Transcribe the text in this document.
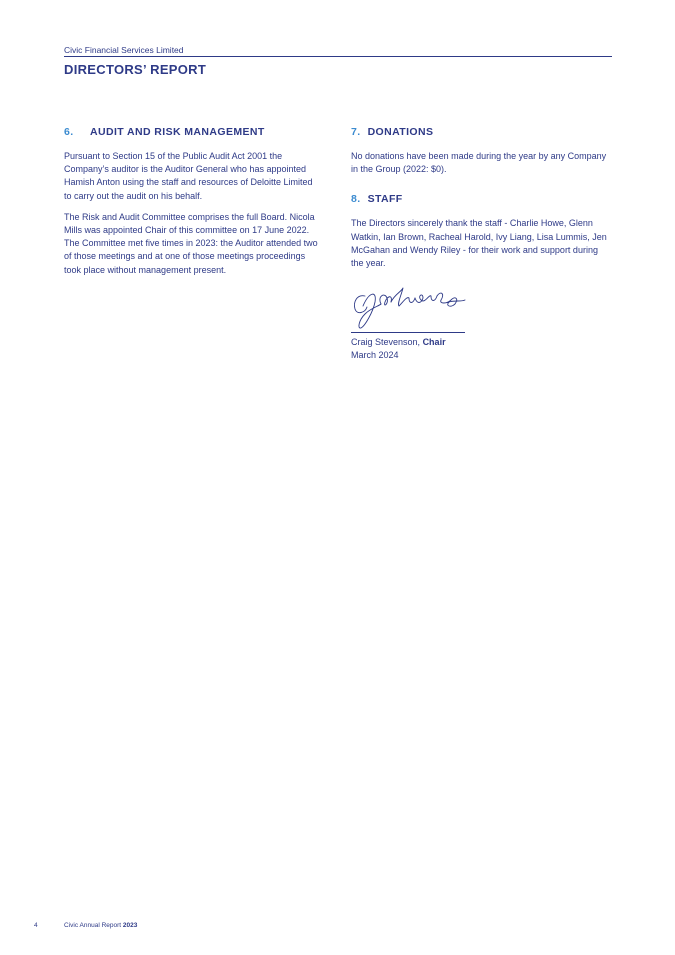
Civic Financial Services Limited
DIRECTORS’ REPORT
6. AUDIT AND RISK MANAGEMENT

Pursuant to Section 15 of the Public Audit Act 2001 the Company’s auditor is the Auditor General who has appointed Hamish Anton using the staff and resources of Deloitte Limited to carry out the audit on his behalf.

The Risk and Audit Committee comprises the full Board. Nicola Mills was appointed Chair of this committee on 17 June 2022. The Committee met five times in 2023: the Auditor attended two of those meetings and at one of those meetings proceedings took place without management present.

7. DONATIONS

No donations have been made during the year by any Company in the Group (2022: $0).

8. STAFF

The Directors sincerely thank the staff - Charlie Howe, Glenn Watkin, Ian Brown, Racheal Harold, Ivy Liang, Lisa Lummis, Jen McGahan and Wendy Riley - for their work and support during the year.

Craig Stevenson, Chair
March 2024
4	Civic Annual Report 2023
